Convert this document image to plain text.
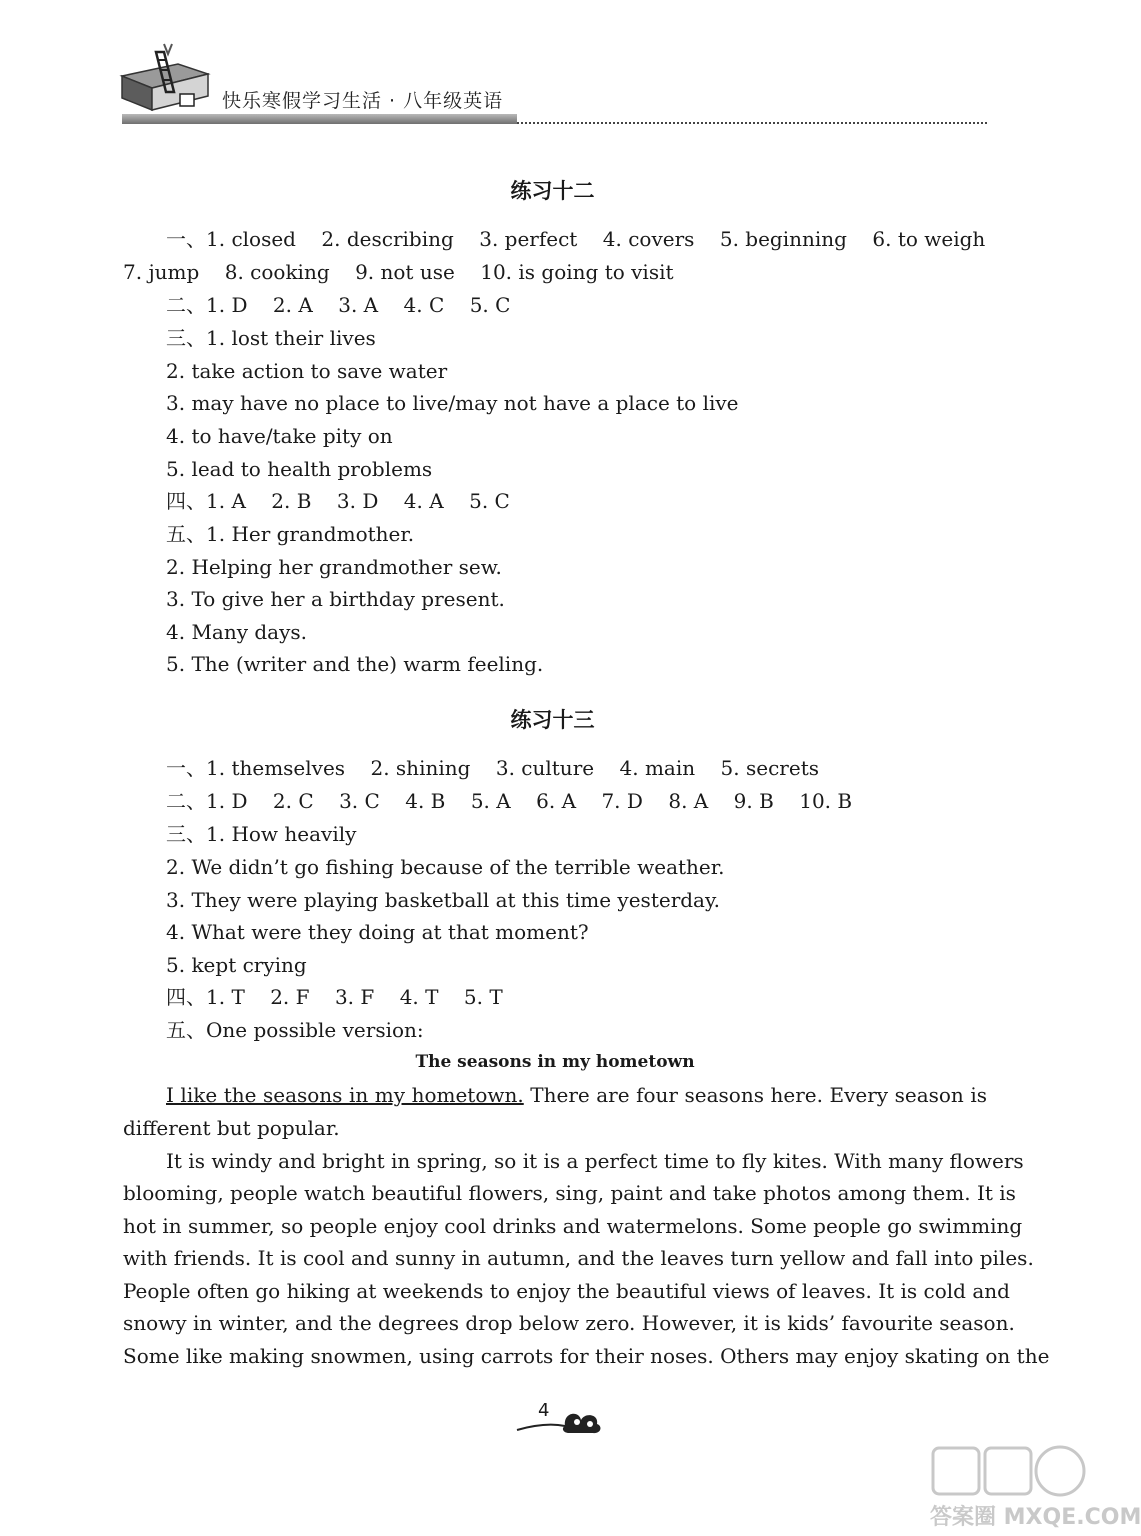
快乐寒假学习生活 · 八年级英语
练习十二
一、1. closed    2. describing    3. perfect    4. covers    5. beginning    6. to weigh
7. jump    8. cooking    9. not use    10. is going to visit
二、1. D    2. A    3. A    4. C    5. C
三、1. lost their lives
2. take action to save water
3. may have no place to live/may not have a place to live
4. to have/take pity on
5. lead to health problems
四、1. A    2. B    3. D    4. A    5. C
五、1. Her grandmother.
2. Helping her grandmother sew.
3. To give her a birthday present.
4. Many days.
5. The (writer and the) warm feeling.
练习十三
一、1. themselves    2. shining    3. culture    4. main    5. secrets
二、1. D    2. C    3. C    4. B    5. A    6. A    7. D    8. A    9. B    10. B
三、1. How heavily
2. We didn’t go fishing because of the terrible weather.
3. They were playing basketball at this time yesterday.
4. What were they doing at that moment?
5. kept crying
四、1. T    2. F    3. F    4. T    5. T
五、One possible version:
The seasons in my hometown
I like the seasons in my hometown. There are four seasons here. Every season is
different but popular.
It is windy and bright in spring, so it is a perfect time to fly kites. With many flowers
blooming, people watch beautiful flowers, sing, paint and take photos among them. It is
hot in summer, so people enjoy cool drinks and watermelons. Some people go swimming
with friends. It is cool and sunny in autumn, and the leaves turn yellow and fall into piles.
People often go hiking at weekends to enjoy the beautiful views of leaves. It is cold and
snowy in winter, and the degrees drop below zero. However, it is kids’ favourite season.
Some like making snowmen, using carrots for their noses. Others may enjoy skating on the
4
答案圈 MXQE.COM
